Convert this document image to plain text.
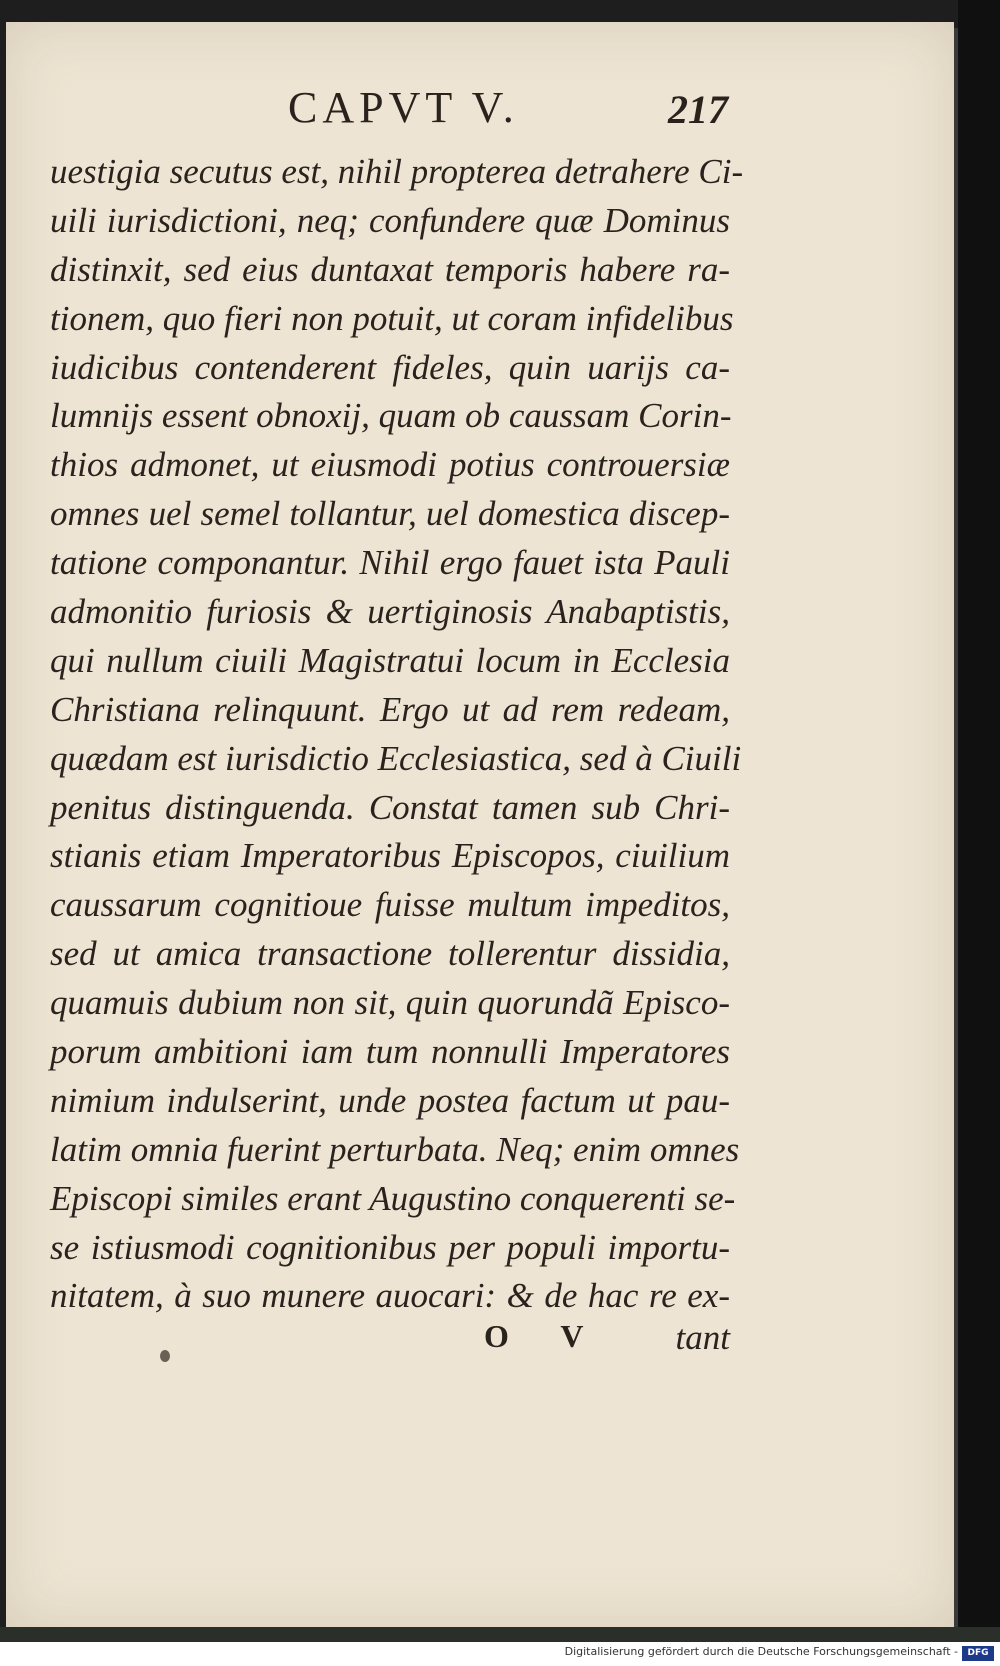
CAPVT V.	217
uestigia secutus est, nihil propterea detrahere Ci-
uili iurisdictioni, neq; confundere quæ Dominus
distinxit, sed eius duntaxat temporis habere ra-
tionem, quo fieri non potuit, ut coram infidelibus
iudicibus contenderent fideles, quin uarijs ca-
lumnijs essent obnoxij, quam ob caussam Corin-
thios admonet, ut eiusmodi potius controuersiæ
omnes uel semel tollantur, uel domestica discep-
tatione componantur. Nihil ergo fauet ista Pauli
admonitio furiosis & uertiginosis Anabaptistis,
qui nullum ciuili Magistratui locum in Ecclesia
Christiana relinquunt. Ergo ut ad rem redeam,
quædam est iurisdictio Ecclesiastica, sed à Ciuili
penitus distinguenda. Constat tamen sub Chri-
stianis etiam Imperatoribus Episcopos, ciuilium
caussarum cognitioue fuisse multum impeditos,
sed ut amica transactione tollerentur dissidia,
quamuis dubium non sit, quin quorundã Episco-
porum ambitioni iam tum nonnulli Imperatores
nimium indulserint, unde postea factum ut pau-
latim omnia fuerint perturbata. Neq; enim omnes
Episcopi similes erant Augustino conquerenti se-
se istiusmodi cognitionibus per populi importu-
nitatem, à suo munere auocari: & de hac re ex-
O V tant
Digitalisierung gefördert durch die Deutsche Forschungsgemeinschaft -	DFG
